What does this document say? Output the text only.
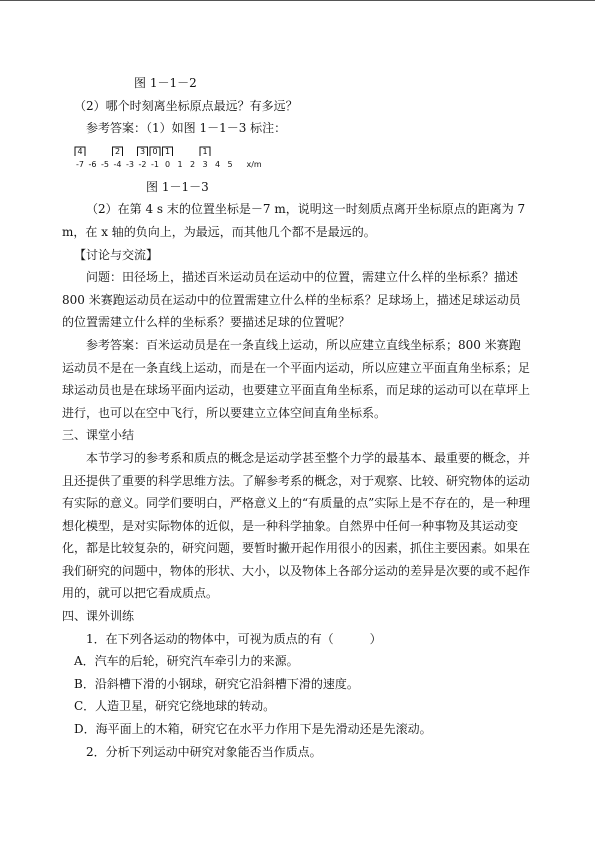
图 1－1－2

（2）哪个时刻离坐标原点最远？有多远？

参考答案：（1）如图 1－1－3 标注：

4	2 3 0 1	1
-7 -6 -5 -4 -3 -2 -1 0 1 2 3 4 5 x/m

图 1－1－3

（2）在第 4 s 末的位置坐标是－7 m，说明这一时刻质点离开坐标原点的距离为 7 m，在 x 轴的负向上，为最远，而其他几个都不是最远的。

【讨论与交流】

问题：田径场上，描述百米运动员在运动中的位置，需建立什么样的坐标系？描述 800 米赛跑运动员在运动中的位置需建立什么样的坐标系？足球场上，描述足球运动员的位置需建立什么样的坐标系？要描述足球的位置呢？

参考答案：百米运动员是在一条直线上运动，所以应建立直线坐标系；800 米赛跑运动员不是在一条直线上运动，而是在一个平面内运动，所以应建立平面直角坐标系；足球运动员也是在球场平面内运动，也要建立平面直角坐标系，而足球的运动可以在草坪上进行，也可以在空中飞行，所以要建立立体空间直角坐标系。

三、课堂小结

本节学习的参考系和质点的概念是运动学甚至整个力学的最基本、最重要的概念，并且还提供了重要的科学思维方法。了解参考系的概念，对于观察、比较、研究物体的运动有实际的意义。同学们要明白，严格意义上的“有质量的点”实际上是不存在的，是一种理想化模型，是对实际物体的近似，是一种科学抽象。自然界中任何一种事物及其运动变化，都是比较复杂的，研究问题，要暂时撇开起作用很小的因素，抓住主要因素。如果在我们研究的问题中，物体的形状、大小，以及物体上各部分运动的差异是次要的或不起作用的，就可以把它看成质点。

四、课外训练

1．在下列各运动的物体中，可视为质点的有（　　　）

A．汽车的后轮，研究汽车牵引力的来源。

B．沿斜槽下滑的小钢球，研究它沿斜槽下滑的速度。

C．人造卫星，研究它绕地球的转动。

D．海平面上的木箱，研究它在水平力作用下是先滑动还是先滚动。

2．分析下列运动中研究对象能否当作质点。
